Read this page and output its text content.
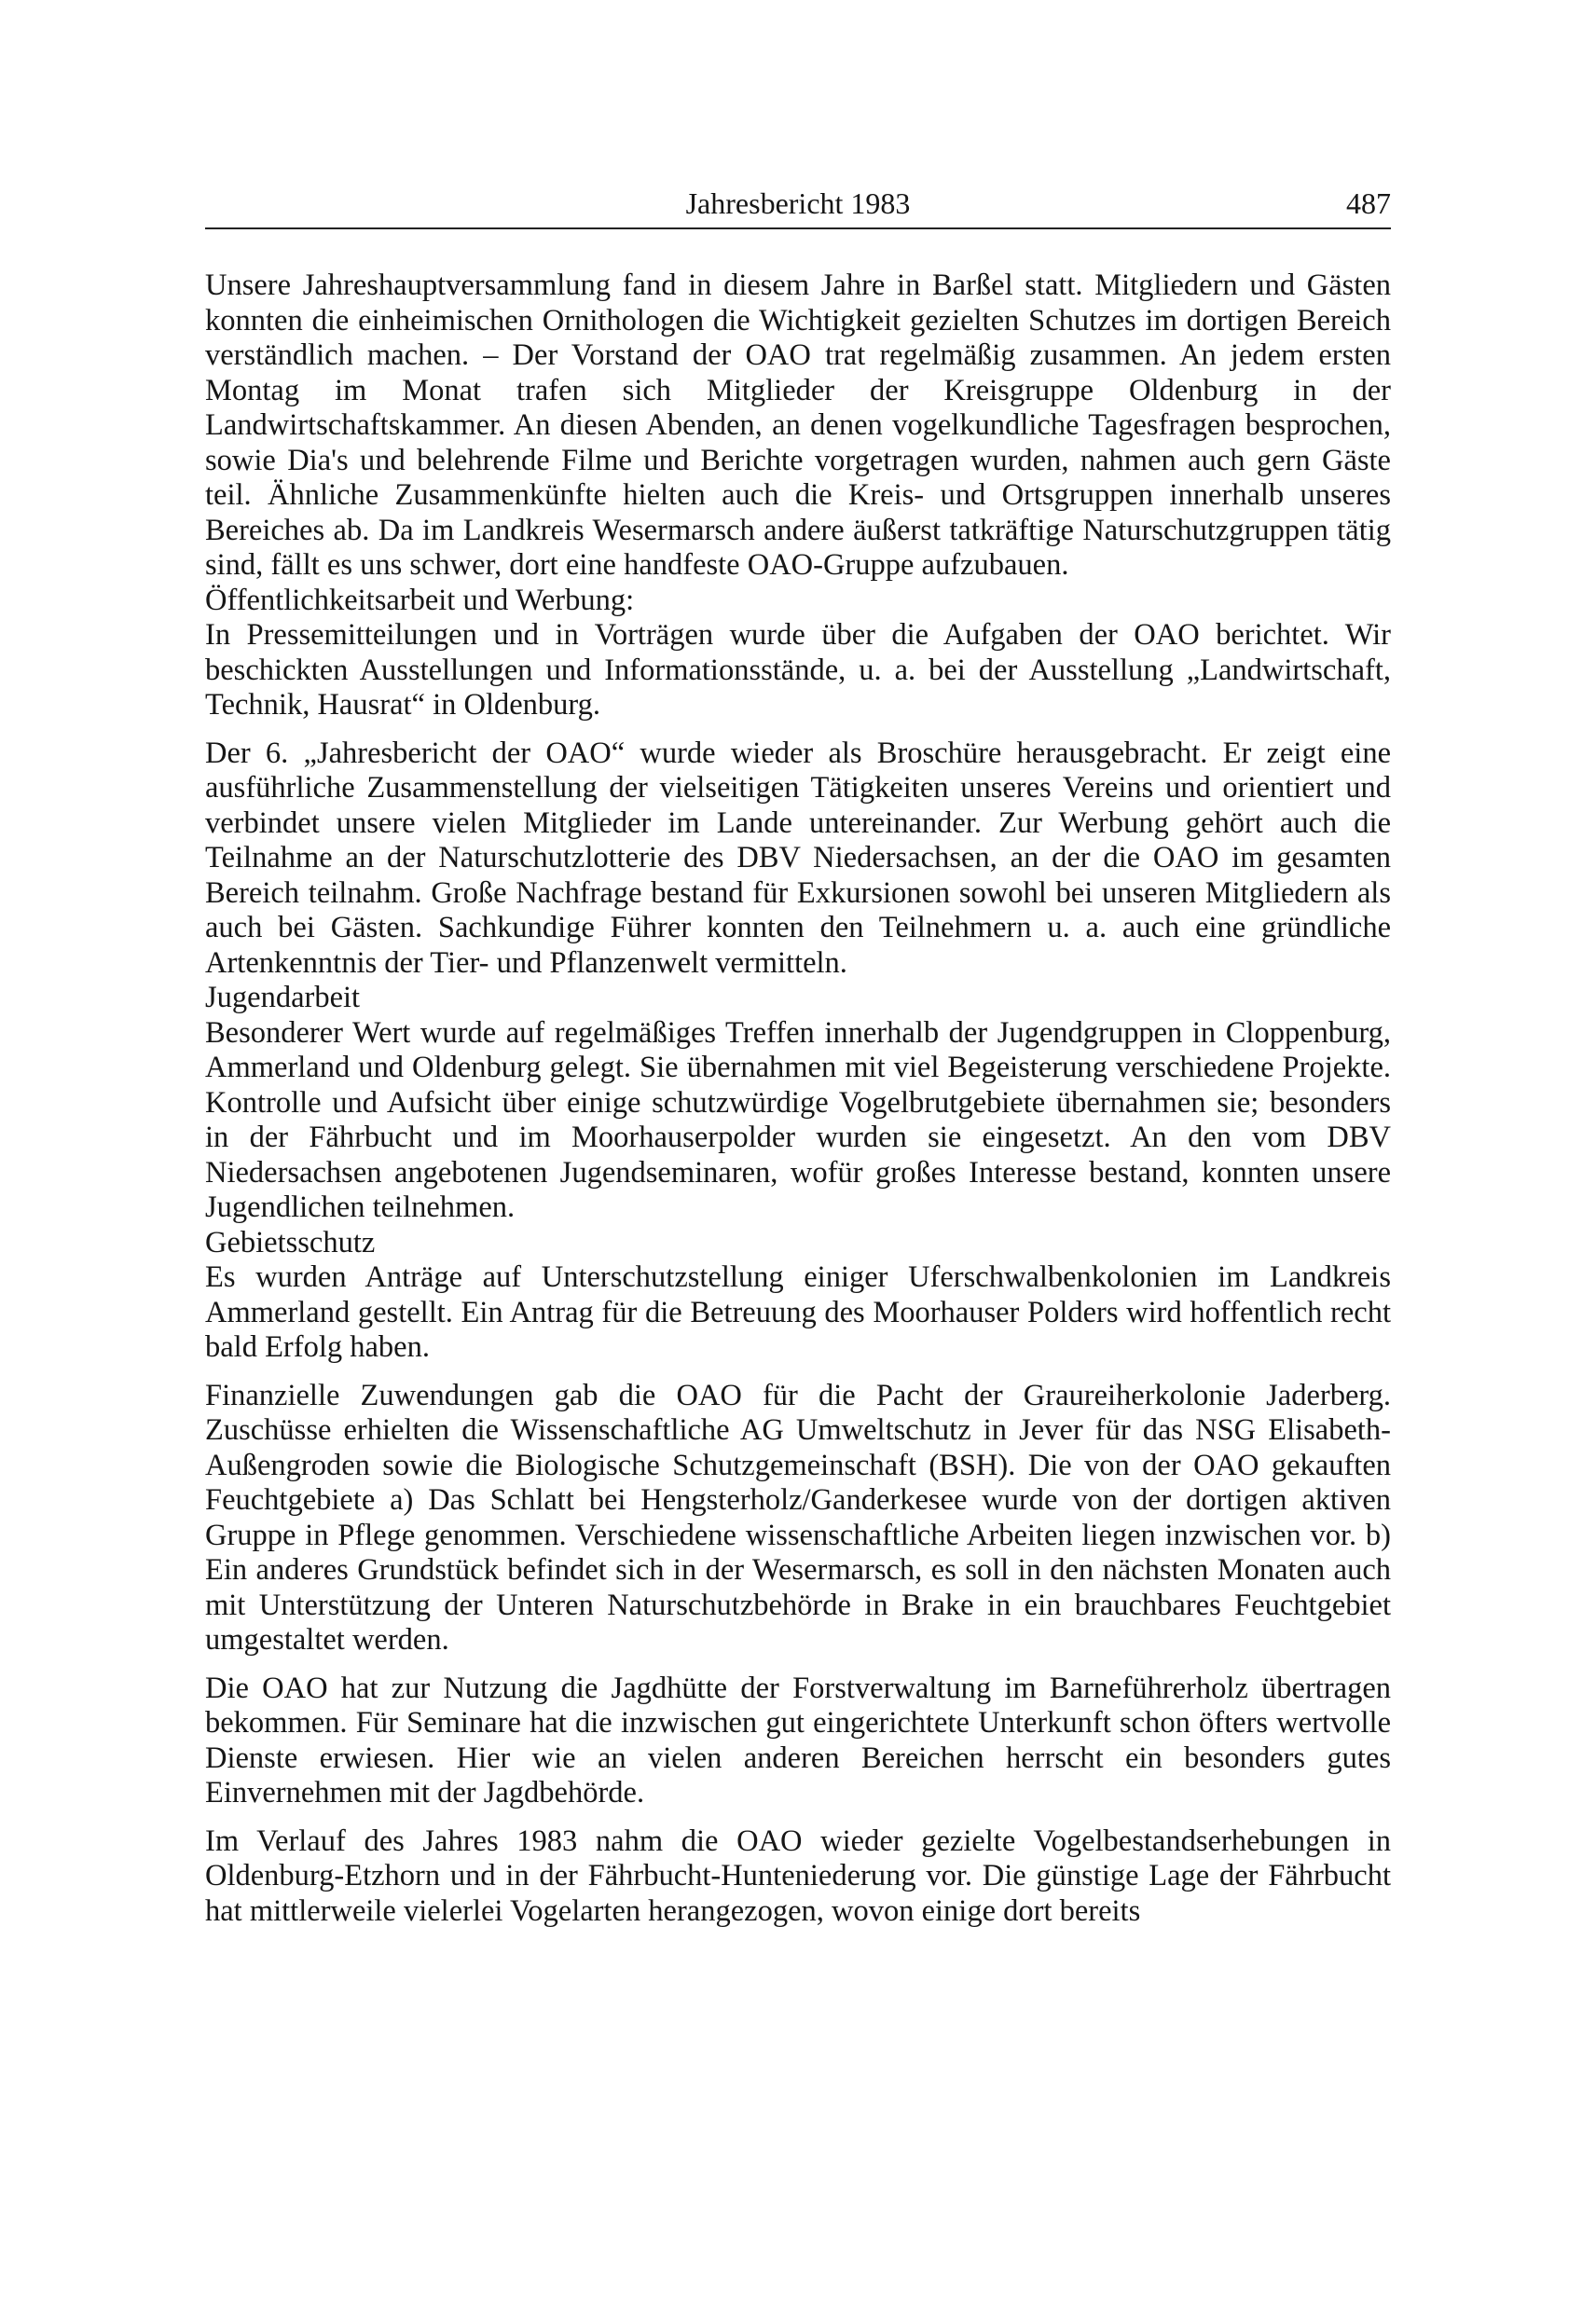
Jahresbericht 1983	487

Unsere Jahreshauptversammlung fand in diesem Jahre in Barßel statt. Mitgliedern und Gästen konnten die einheimischen Ornithologen die Wichtigkeit gezielten Schutzes im dortigen Bereich verständlich machen. – Der Vorstand der OAO trat regelmäßig zusammen. An jedem ersten Montag im Monat trafen sich Mitglieder der Kreisgruppe Oldenburg in der Landwirtschaftskammer. An diesen Abenden, an denen vogelkundliche Tagesfragen besprochen, sowie Dia's und belehrende Filme und Berichte vorgetragen wurden, nahmen auch gern Gäste teil. Ähnliche Zusammenkünfte hielten auch die Kreis- und Ortsgruppen innerhalb unseres Bereiches ab. Da im Landkreis Wesermarsch andere äußerst tatkräftige Naturschutzgruppen tätig sind, fällt es uns schwer, dort eine handfeste OAO-Gruppe aufzubauen.

Öffentlichkeitsarbeit und Werbung:

In Pressemitteilungen und in Vorträgen wurde über die Aufgaben der OAO berichtet. Wir beschickten Ausstellungen und Informationsstände, u. a. bei der Ausstellung „Landwirtschaft, Technik, Hausrat“ in Oldenburg.

Der 6. „Jahresbericht der OAO“ wurde wieder als Broschüre herausgebracht. Er zeigt eine ausführliche Zusammenstellung der vielseitigen Tätigkeiten unseres Vereins und orientiert und verbindet unsere vielen Mitglieder im Lande untereinander. Zur Werbung gehört auch die Teilnahme an der Naturschutzlotterie des DBV Niedersachsen, an der die OAO im gesamten Bereich teilnahm. Große Nachfrage bestand für Exkursionen sowohl bei unseren Mitgliedern als auch bei Gästen. Sachkundige Führer konnten den Teilnehmern u. a. auch eine gründliche Artenkenntnis der Tier- und Pflanzenwelt vermitteln.

Jugendarbeit

Besonderer Wert wurde auf regelmäßiges Treffen innerhalb der Jugendgruppen in Cloppenburg, Ammerland und Oldenburg gelegt. Sie übernahmen mit viel Begeisterung verschiedene Projekte. Kontrolle und Aufsicht über einige schutzwürdige Vogelbrutgebiete übernahmen sie; besonders in der Fährbucht und im Moorhauserpolder wurden sie eingesetzt. An den vom DBV Niedersachsen angebotenen Jugendseminaren, wofür großes Interesse bestand, konnten unsere Jugendlichen teilnehmen.

Gebietsschutz

Es wurden Anträge auf Unterschutzstellung einiger Uferschwalbenkolonien im Landkreis Ammerland gestellt. Ein Antrag für die Betreuung des Moorhauser Polders wird hoffentlich recht bald Erfolg haben.

Finanzielle Zuwendungen gab die OAO für die Pacht der Graureiherkolonie Jaderberg. Zuschüsse erhielten die Wissenschaftliche AG Umweltschutz in Jever für das NSG Elisabeth-Außengroden sowie die Biologische Schutzgemeinschaft (BSH). Die von der OAO gekauften Feuchtgebiete a) Das Schlatt bei Hengsterholz/Ganderkesee wurde von der dortigen aktiven Gruppe in Pflege genommen. Verschiedene wissenschaftliche Arbeiten liegen inzwischen vor. b) Ein anderes Grundstück befindet sich in der Wesermarsch, es soll in den nächsten Monaten auch mit Unterstützung der Unteren Naturschutzbehörde in Brake in ein brauchbares Feuchtgebiet umgestaltet werden.

Die OAO hat zur Nutzung die Jagdhütte der Forstverwaltung im Barneführerholz übertragen bekommen. Für Seminare hat die inzwischen gut eingerichtete Unterkunft schon öfters wertvolle Dienste erwiesen. Hier wie an vielen anderen Bereichen herrscht ein besonders gutes Einvernehmen mit der Jagdbehörde.

Im Verlauf des Jahres 1983 nahm die OAO wieder gezielte Vogelbestandserhebungen in Oldenburg-Etzhorn und in der Fährbucht-Hunteniederung vor. Die günstige Lage der Fährbucht hat mittlerweile vielerlei Vogelarten herangezogen, wovon einige dort bereits
